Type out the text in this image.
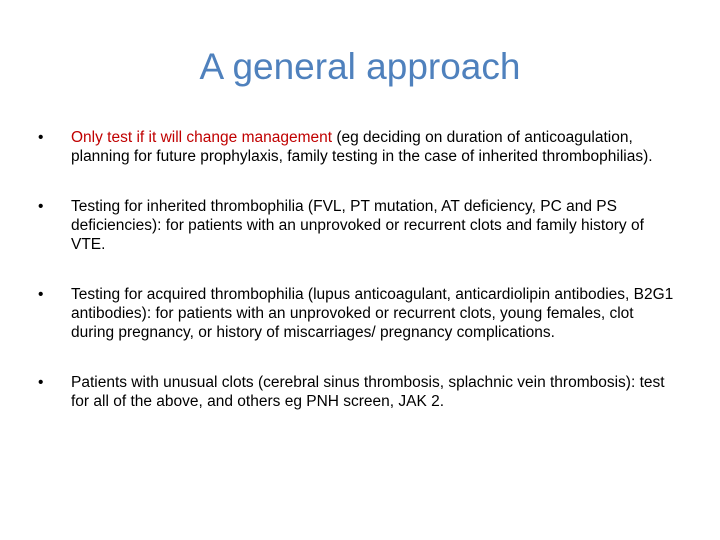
A general approach
•	Only test if it will change management (eg deciding on duration of anticoagulation, planning for future prophylaxis, family testing in the case of inherited thrombophilias).
•	Testing for inherited thrombophilia (FVL, PT mutation, AT deficiency, PC and PS deficiencies): for patients with an unprovoked or recurrent clots and family history of VTE.
•	Testing for acquired thrombophilia (lupus anticoagulant, anticardiolipin antibodies, B2G1 antibodies): for patients with an unprovoked or recurrent clots, young females, clot during pregnancy, or history of miscarriages/ pregnancy complications.
•	Patients with unusual clots (cerebral sinus thrombosis, splachnic vein thrombosis): test for all of the above, and others eg PNH screen, JAK 2.
